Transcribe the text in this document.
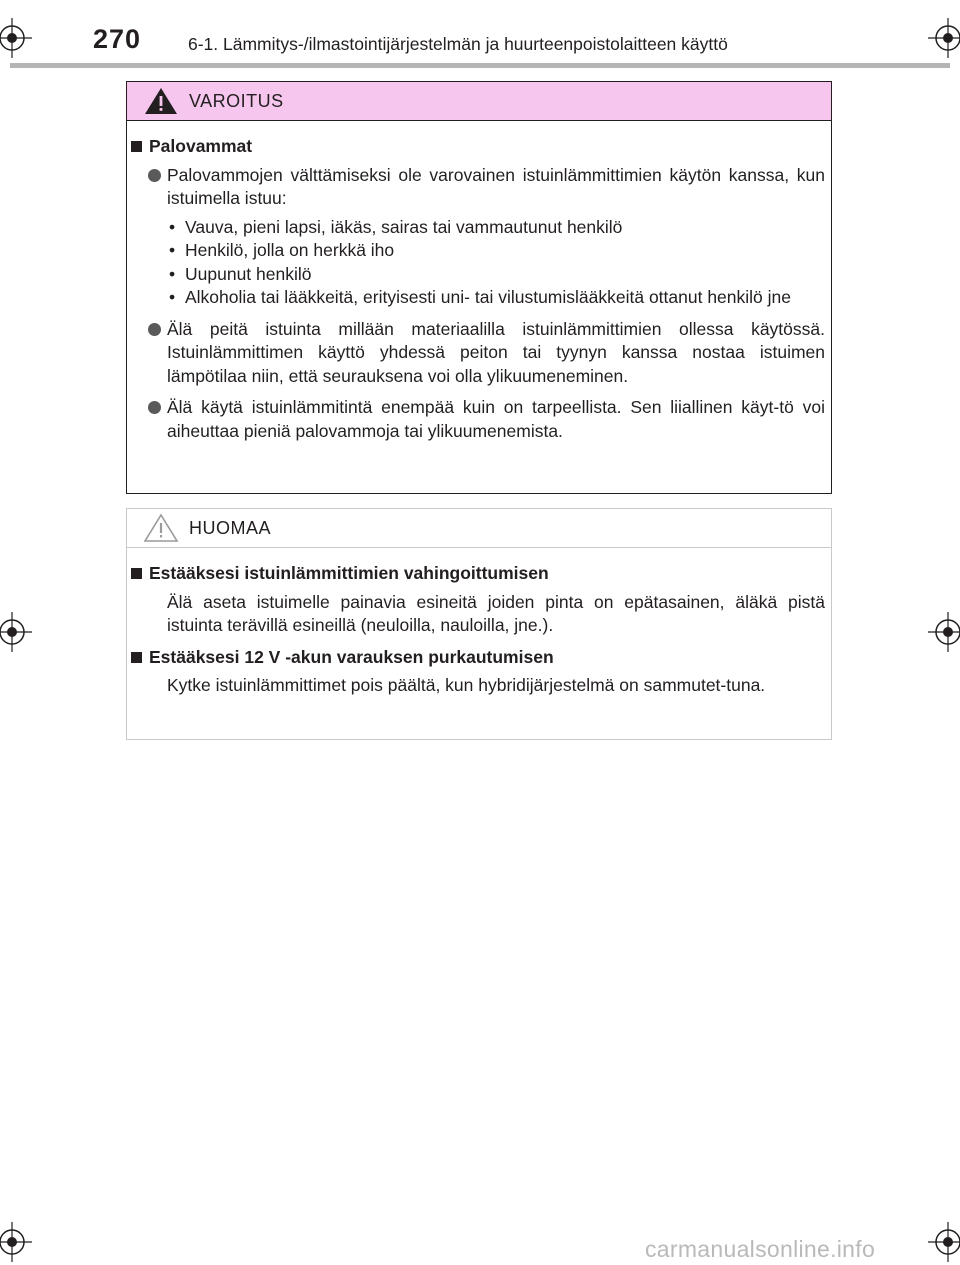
270	6-1. Lämmitys-/ilmastointijärjestelmän ja huurteenpoistolaitteen käyttö
VAROITUS
Palovammat
Palovammojen välttämiseksi ole varovainen istuinlämmittimien käytön kanssa, kun istuimella istuu:
• Vauva, pieni lapsi, iäkäs, sairas tai vammautunut henkilö
• Henkilö, jolla on herkkä iho
• Uupunut henkilö
• Alkoholia tai lääkkeitä, erityisesti uni- tai vilustumislääkkeitä ottanut henkilö jne
Älä peitä istuinta millään materiaalilla istuinlämmittimien ollessa käytössä. Istuinlämmittimen käyttö yhdessä peiton tai tyynyn kanssa nostaa istuimen lämpötilaa niin, että seurauksena voi olla ylikuumeneminen.
Älä käytä istuinlämmitintä enempää kuin on tarpeellista. Sen liiallinen käyt-tö voi aiheuttaa pieniä palovammoja tai ylikuumenemista.
HUOMAA
Estääksesi istuinlämmittimien vahingoittumisen
Älä aseta istuimelle painavia esineitä joiden pinta on epätasainen, äläkä pistä istuinta terävillä esineillä (neuloilla, nauloilla, jne.).
Estääksesi 12 V -akun varauksen purkautumisen
Kytke istuinlämmittimet pois päältä, kun hybridijärjestelmä on sammutet-tuna.
carmanualsonline.info
